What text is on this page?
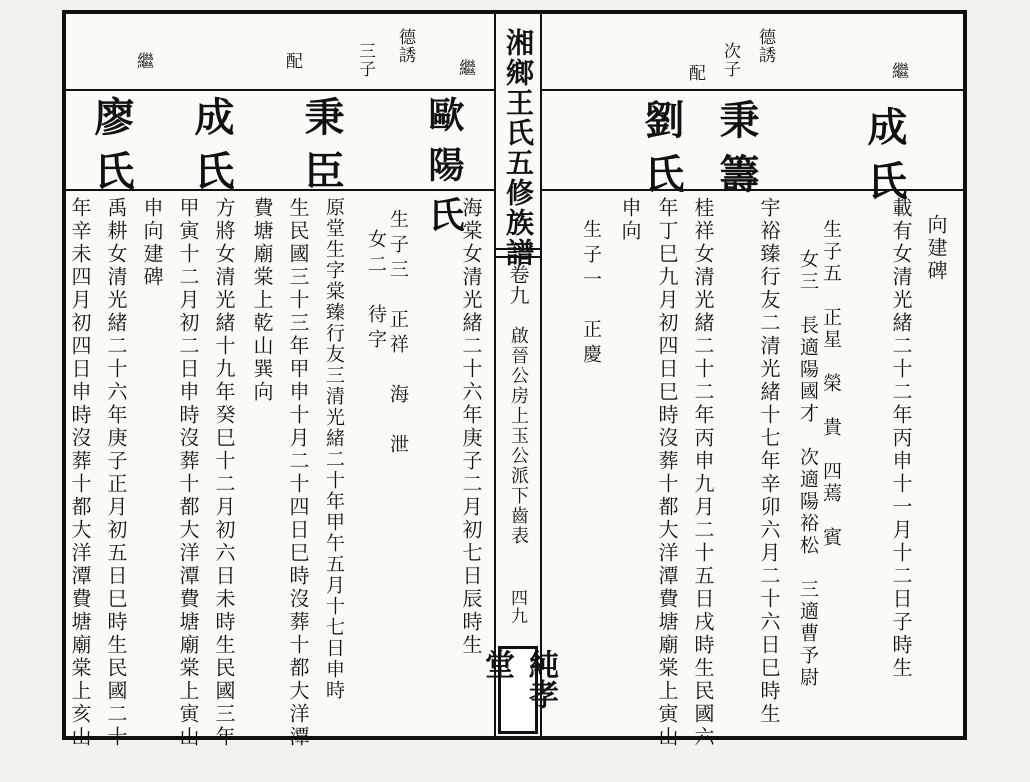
德誘
三子
配	繼
繼
歐陽氏
秉臣
成氏
廖氏
海棠女清光緒二十六年庚子二月初七日辰時生
生子三　正祥　海　泄
女二　待字
原堂生字棠臻行友三清光緒二十年甲午五月十七日申時
生民國三十三年甲申十月二十四日巳時沒葬十都大洋潭
費塘廟棠上乾山巽向
方將女清光緒十九年癸巳十二月初六日未時生民國三年
甲寅十二月初二日申時沒葬十都大洋潭費塘廟棠上寅山
申向建碑
禹耕女清光緒二十六年庚子正月初五日巳時生民國二十
年辛未四月初四日申時沒葬十都大洋潭費塘廟棠上亥山
湘鄉王氏五修族譜
卷九
啟晉公房上玉公派下齒表
四九
純孝堂
德誘
次子
配	繼
成氏
秉籌
劉氏
向建碑
載有女清光緒二十二年丙申十一月十二日子時生
生子五　正星　榮　貴　四蔫　賓
女三　長適陽國才　次適陽裕松　三適曹予尉
宇裕臻行友二清光緒十七年辛卯六月二十六日巳時生
桂祥女清光緒二十二年丙申九月二十五日戌時生民國六
年丁巳九月初四日巳時沒葬十都大洋潭費塘廟棠上寅山
申向
生子一　正慶
